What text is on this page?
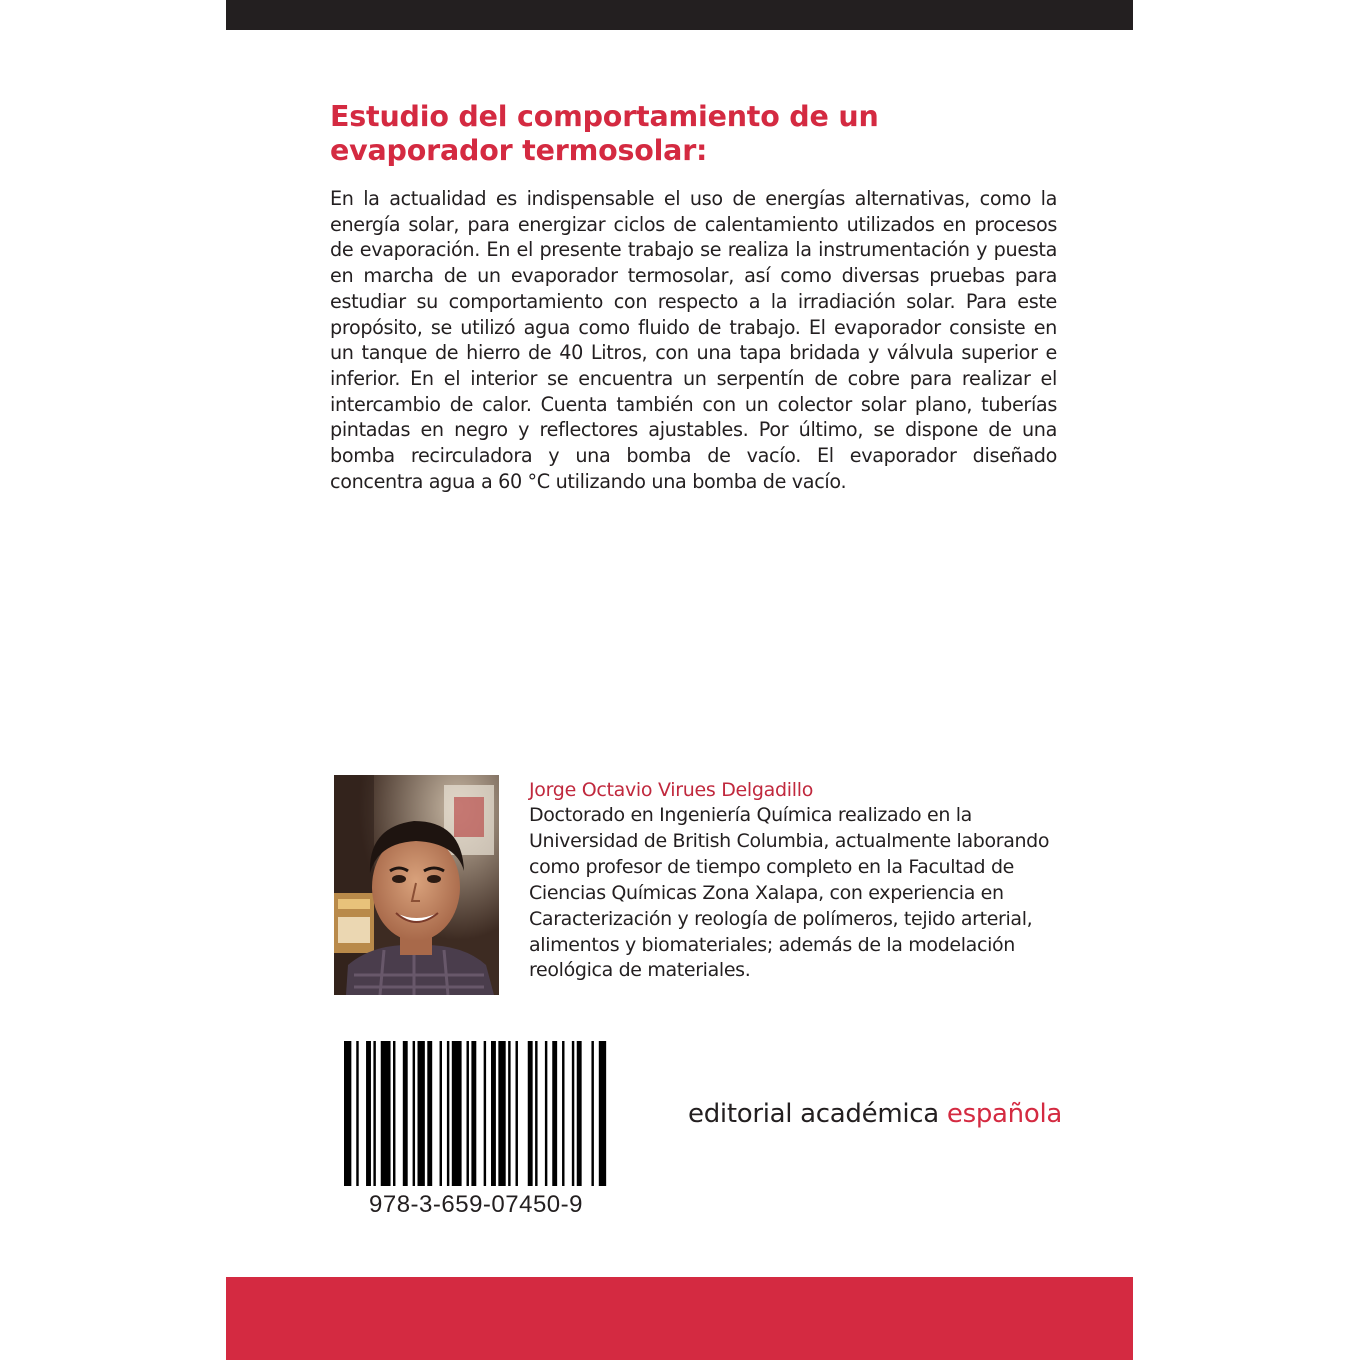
Estudio del comportamiento de un evaporador termosolar:

En la actualidad es indispensable el uso de energías alternativas, como la energía solar, para energizar ciclos de calentamiento utilizados en procesos de evaporación. En el presente trabajo se realiza la instrumentación y puesta en marcha de un evaporador termosolar, así como diversas pruebas para estudiar su comportamiento con respecto a la irradiación solar. Para este propósito, se utilizó agua como fluido de trabajo. El evaporador consiste en un tanque de hierro de 40 Litros, con una tapa bridada y válvula superior e inferior. En el interior se encuentra un serpentín de cobre para realizar el intercambio de calor. Cuenta también con un colector solar plano, tuberías pintadas en negro y reflectores ajustables. Por último, se dispone de una bomba recirculadora y una bomba de vacío. El evaporador diseñado concentra agua a 60 °C utilizando una bomba de vacío.

Jorge Octavio Virues Delgadillo

Doctorado en Ingeniería Química realizado en la Universidad de British Columbia, actualmente laborando como profesor de tiempo completo en la Facultad de Ciencias Químicas Zona Xalapa, con experiencia en Caracterización y reología de polímeros, tejido arterial, alimentos y biomateriales; además de la modelación reológica de materiales.

978-3-659-07450-9

editorial académica española
